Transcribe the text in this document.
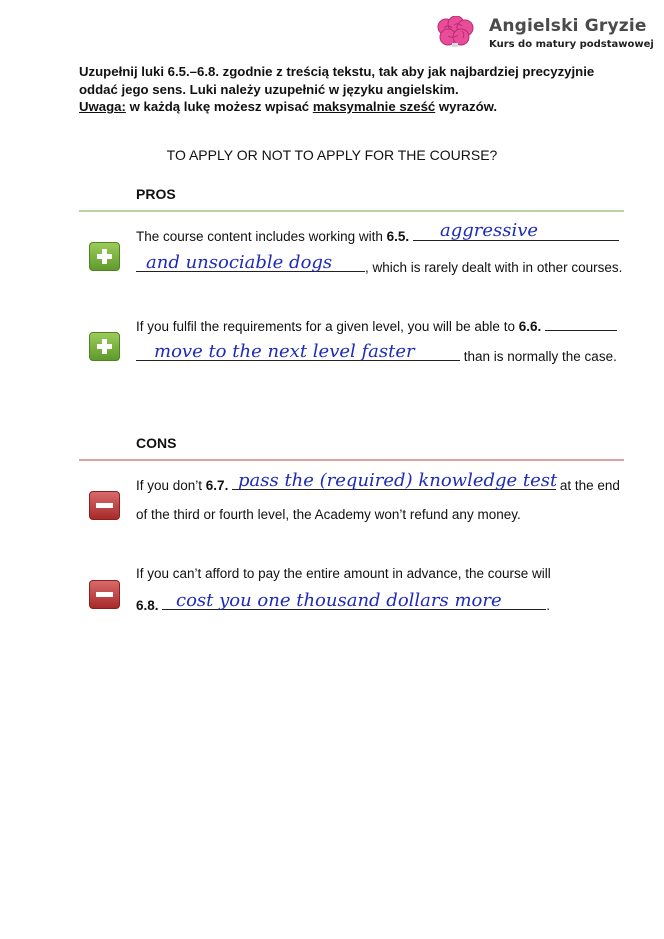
Angielski Gryzie
Kurs do matury podstawowej

Uzupełnij luki 6.5.–6.8. zgodnie z treścią tekstu, tak aby jak najbardziej precyzyjnie

oddać jego sens. Luki należy uzupełnić w języku angielskim.

Uwaga: w każdą lukę możesz wpisać maksymalnie sześć wyrazów.

TO APPLY OR NOT TO APPLY FOR THE COURSE?
PROS
The course content includes working with 6.5.
, which is rarely dealt with in other courses.
aggressive
and unsociable dogs
If you fulfil the requirements for a given level, you will be able to 6.6.
than is normally the case.
move to the next level faster
CONS
If you don’t 6.7.	at the end
of the third or fourth level, the Academy won’t refund any money.
pass the (required) knowledge test
If you can’t afford to pay the entire amount in advance, the course will
6.8.	.
cost you one thousand dollars more
